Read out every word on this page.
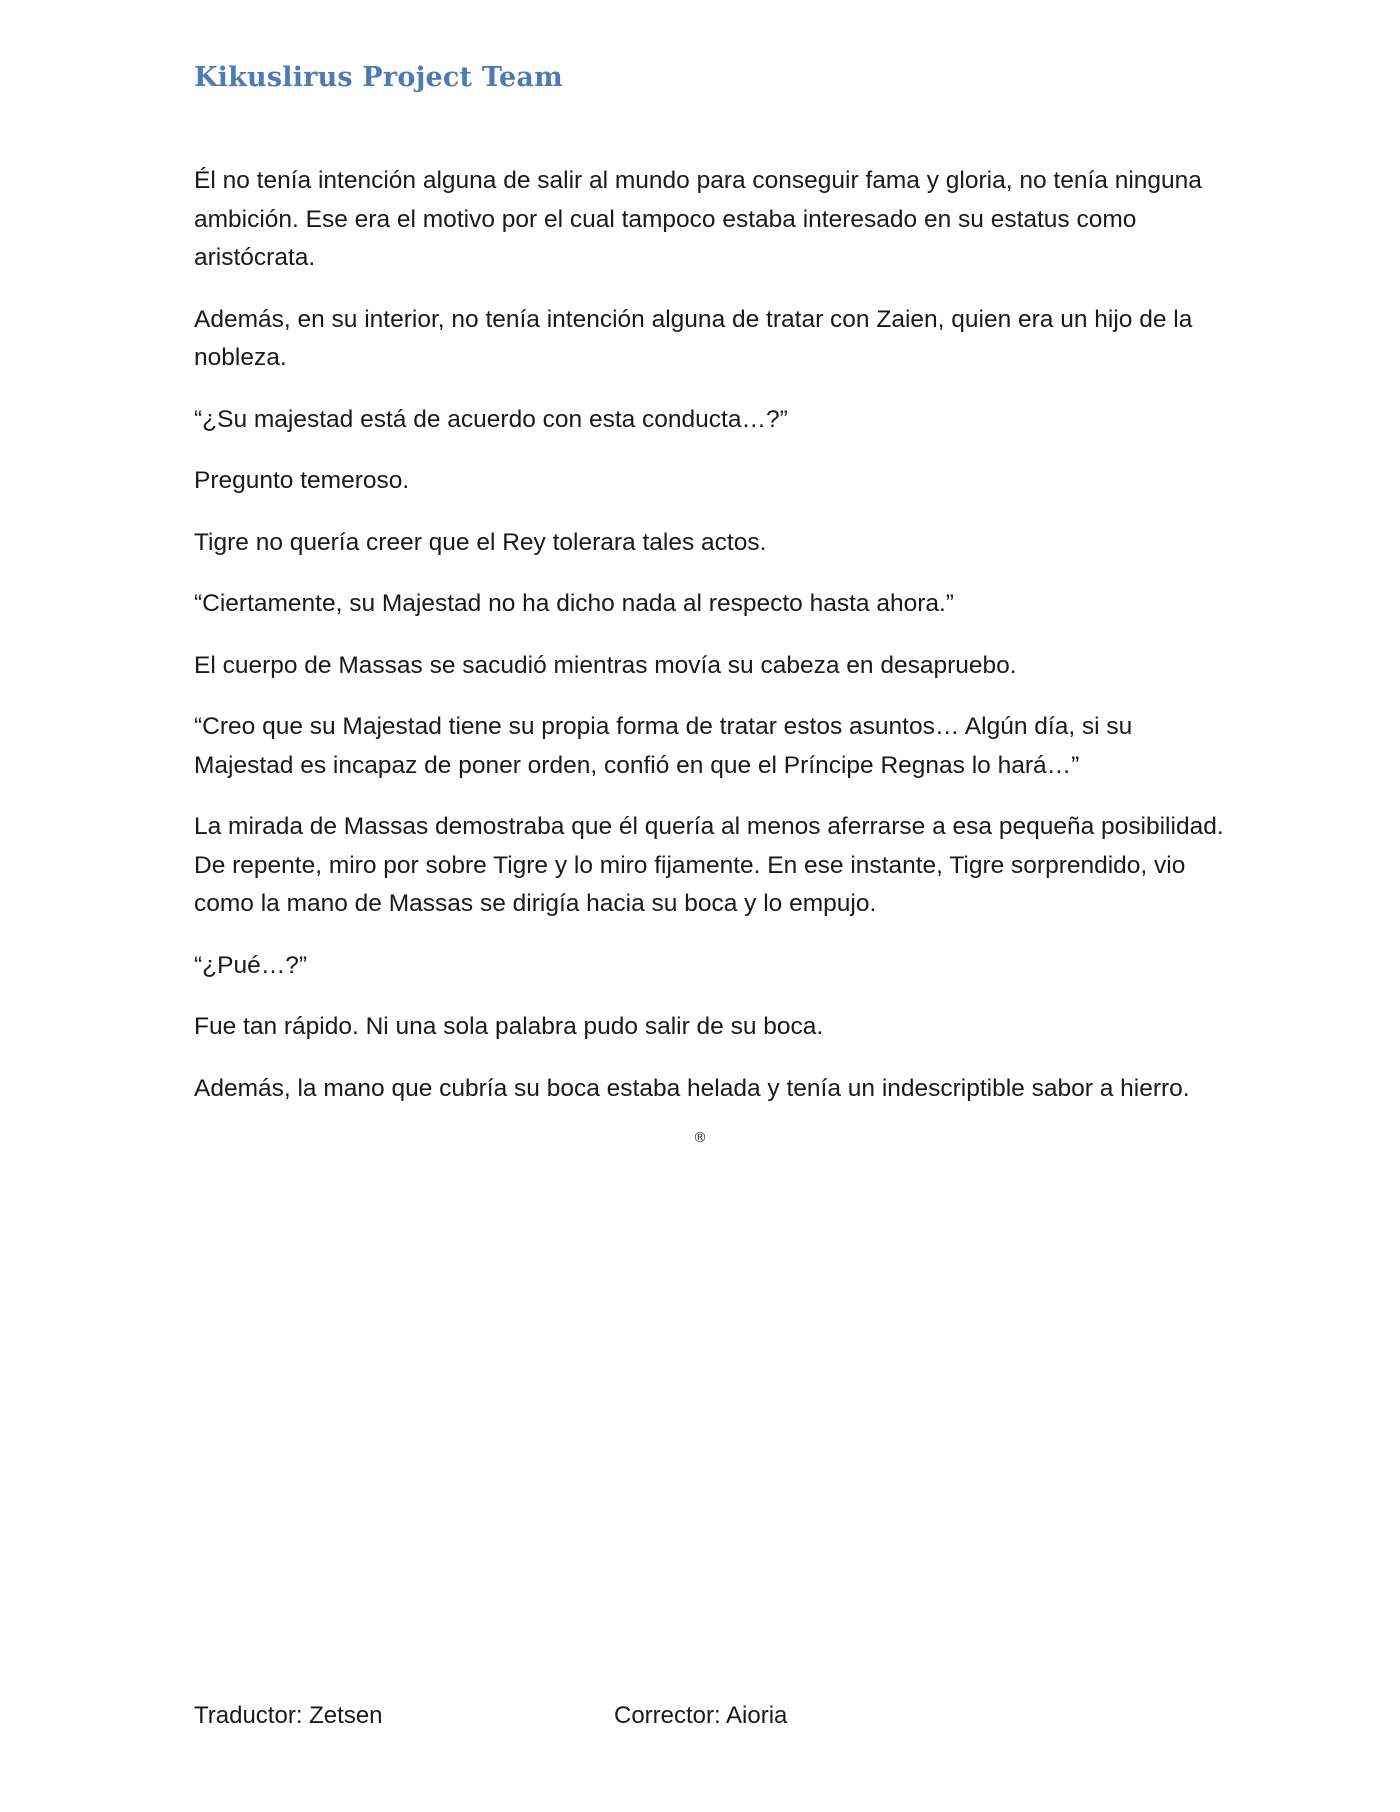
Kikuslirus Project Team

Él no tenía intención alguna de salir al mundo para conseguir fama y gloria, no tenía ninguna ambición. Ese era el motivo por el cual tampoco estaba interesado en su estatus como aristócrata.

Además, en su interior, no tenía intención alguna de tratar con Zaien, quien era un hijo de la nobleza.

“¿Su majestad está de acuerdo con esta conducta…?”

Pregunto temeroso.

Tigre no quería creer que el Rey tolerara tales actos.

“Ciertamente, su Majestad no ha dicho nada al respecto hasta ahora.”

El cuerpo de Massas se sacudió mientras movía su cabeza en desapruebo.

“Creo que su Majestad tiene su propia forma de tratar estos asuntos… Algún día, si su Majestad es incapaz de poner orden, confió en que el Príncipe Regnas lo hará…”

La mirada de Massas demostraba que él quería al menos aferrarse a esa pequeña posibilidad. De repente, miro por sobre Tigre y lo miro fijamente. En ese instante, Tigre sorprendido, vio como la mano de Massas se dirigía hacia su boca y lo empujo.

“¿Pué…?”

Fue tan rápido. Ni una sola palabra pudo salir de su boca.

Además, la mano que cubría su boca estaba helada y tenía un indescriptible sabor a hierro.

®
Traductor: Zetsen	Corrector: Aioria
